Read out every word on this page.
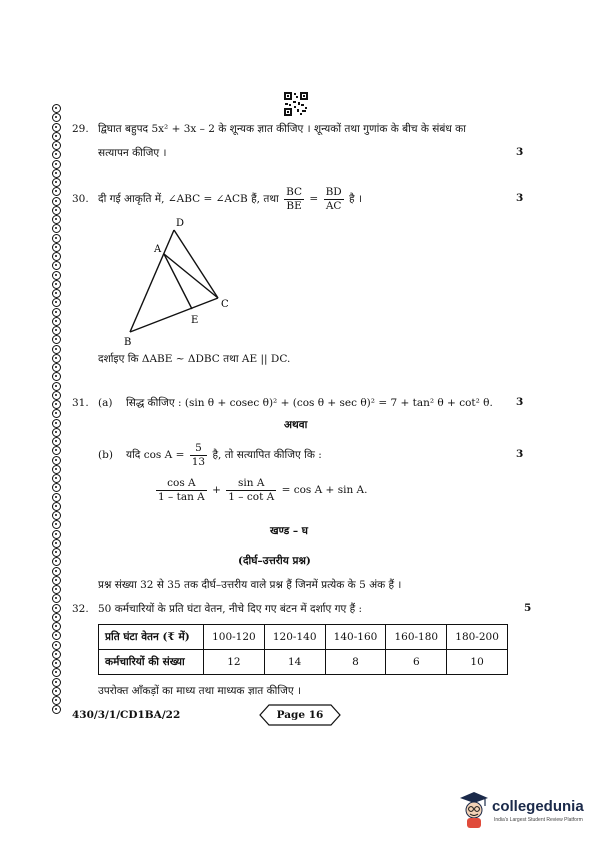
29. द्विघात बहुपद 5x² + 3x – 2 के शून्यक ज्ञात कीजिए । शून्यकों तथा गुणांक के बीच के संबंध का
सत्यापन कीजिए ।	3
30. दी गई आकृति में, ∠ABC = ∠ACB हैं, तथा $\frac{BC}{BE} = \frac{BD}{AC}$ है ।	3
D
A
C
E
B
दर्शाइए कि ΔABE ~ ΔDBC तथा AE || DC.
31. (a) सिद्ध कीजिए : (sin θ + cosec θ)² + (cos θ + sec θ)² = 7 + tan² θ + cot² θ. 3
अथवा
(b) यदि $\cos A = \frac{5}{13}$ है, तो सत्यापित कीजिए कि :	3
$\frac{\text{cos A}}{\text{1 – tan A}} + \frac{\text{sin A}}{\text{1 – cot A}} = \cos A + \sin A$.
खण्ड – घ
(दीर्घ–उत्तरीय प्रश्न)
प्रश्न संख्या 32 से 35 तक दीर्घ–उत्तरीय वाले प्रश्न हैं जिनमें प्रत्येक के 5 अंक हैं ।
32. 50 कर्मचारियों के प्रति घंटा वेतन, नीचे दिए गए बंटन में दर्शाए गए हैं :	5
प्रति घंटा वेतन (₹ में)	100-120	120-140	140-160	160-180	180-200
कर्मचारियों की संख्या	12	14	8	6	10
उपरोक्त आँकड़ों का माध्य तथा माध्यक ज्ञात कीजिए ।
430/3/1/CD1BA/22	Page 16
collegedunia
India's Largest Student Review Platform
